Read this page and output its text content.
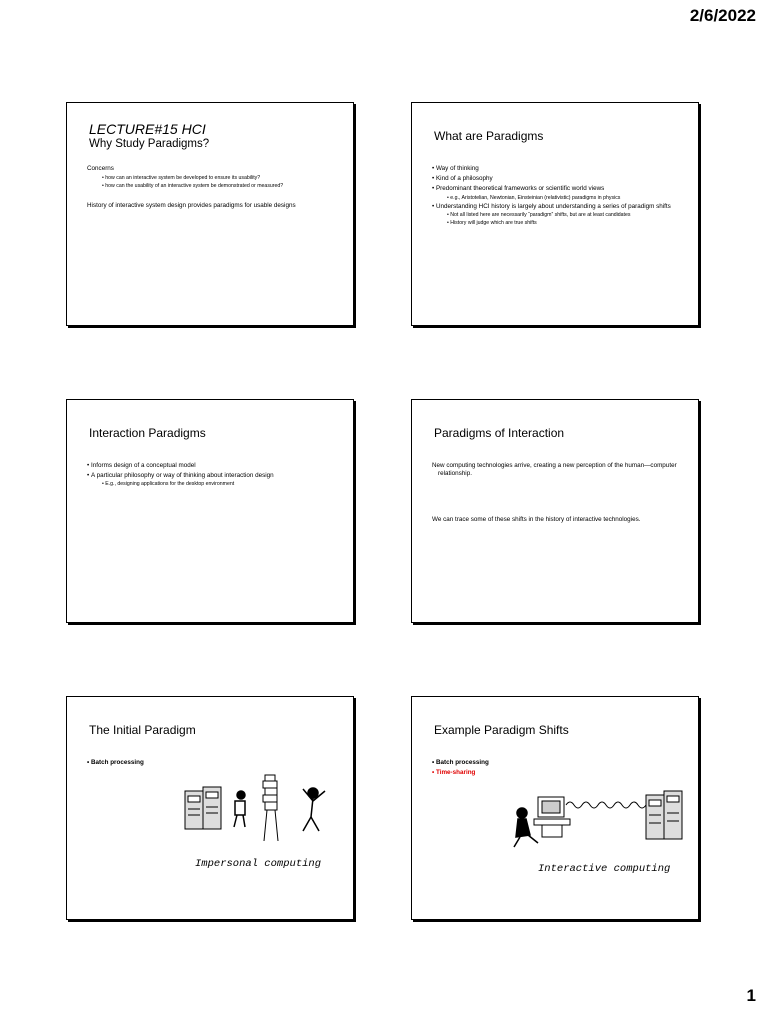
2/6/2022
LECTURE#15 HCI
Why Study Paradigms?

Concerns

• how can an interactive system be developed to ensure its usability?
• how can the usability of an interactive system be demonstrated or measured?

History of interactive system design provides paradigms for usable designs

What are Paradigms
• Way of thinking
• Kind of a philosophy
• Predominant theoretical frameworks or scientific world views
• e.g., Aristotelian, Newtonian, Einsteinian (relativistic) paradigms in physics
• Understanding HCI history is largely about understanding a series of paradigm shifts
• Not all listed here are necessarily “paradigm” shifts, but are at least candidates
• History will judge which are true shifts
Interaction Paradigms
• Informs design of a conceptual model
• A particular philosophy or way of thinking about interaction design
• E.g., designing applications for the desktop environment
Paradigms of Interaction

New computing technologies arrive, creating a new perception of the human—computer relationship.

We can trace some of these shifts in the history of interactive technologies.

The Initial Paradigm
• Batch processing
Impersonal computing
Example Paradigm Shifts
• Batch processing
• Time-sharing
Interactive computing
1
